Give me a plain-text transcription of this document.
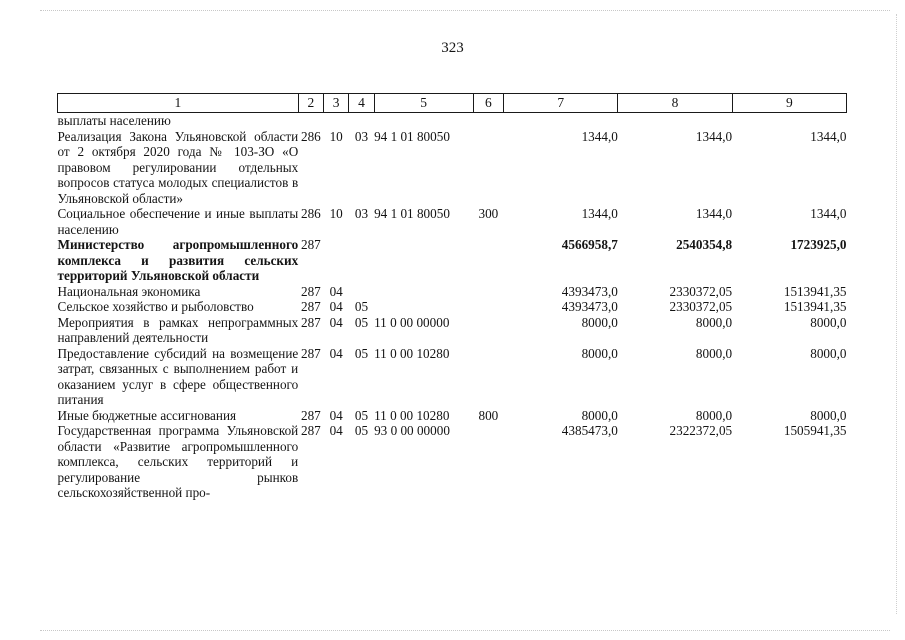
323
1	2	3	4	5	6	7	8	9
выплаты населению								
Реализация Закона Ульяновской области от 2 октября 2020 года № 103-ЗО «О правовом регулировании отдельных вопросов статуса молодых специалистов в Ульяновской области»	286	10	03	94 1 01 80050		1344,0	1344,0	1344,0
Социальное обеспечение и иные выплаты населению	286	10	03	94 1 01 80050	300	1344,0	1344,0	1344,0
Министерство агропромышленного комплекса и развития сельских территорий Ульяновской области	287					4566958,7	2540354,8	1723925,0
Национальная экономика	287	04				4393473,0	2330372,05	1513941,35
Сельское хозяйство и рыболовство	287	04	05			4393473,0	2330372,05	1513941,35
Мероприятия в рамках непрограммных направлений деятельности	287	04	05	11 0 00 00000		8000,0	8000,0	8000,0
Предоставление субсидий на возмещение затрат, связанных с выполнением работ и оказанием услуг в сфере общественного питания	287	04	05	11 0 00 10280		8000,0	8000,0	8000,0
Иные бюджетные ассигнования	287	04	05	11 0 00 10280	800	8000,0	8000,0	8000,0
Государственная программа Ульяновской области «Развитие агропромышленного комплекса, сельских территорий и регулирование рынков сельскохозяйственной про-	287	04	05	93 0 00 00000		4385473,0	2322372,05	1505941,35
